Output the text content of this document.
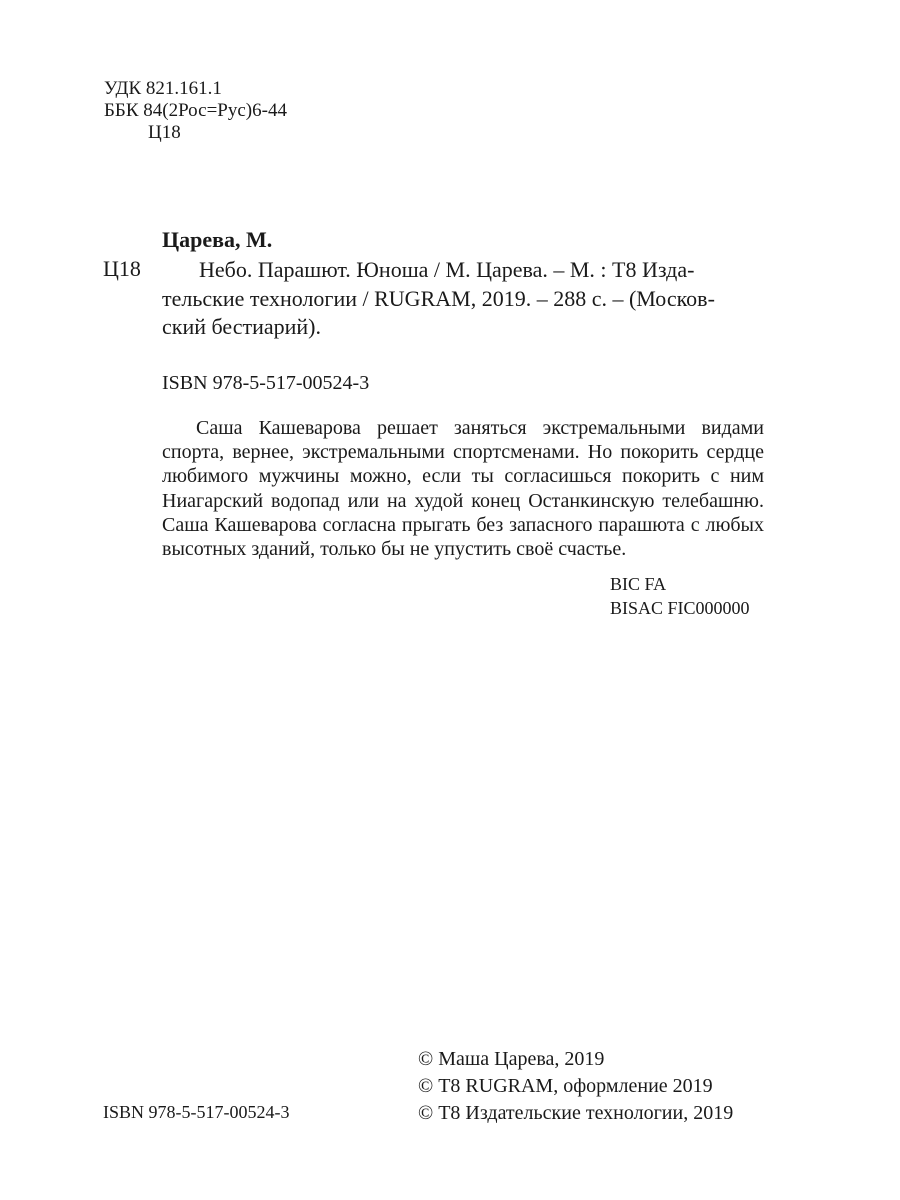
УДК 821.161.1
ББК 84(2Рос=Рус)6-44
Ц18
Царева, М.
Ц18	Небо. Парашют. Юноша / М. Царева. – М. : Т8 Изда-
тельские технологии / RUGRAM, 2019. – 288 с. – (Москов-
ский бестиарий).
ISBN 978-5-517-00524-3
Саша Кашеварова решает заняться экстремальными видами спорта, вернее, экстремальными спортсменами. Но покорить сердце любимого мужчины можно, если ты согласишься покорить с ним Ниагарский водопад или на худой конец Останкинскую телебашню. Саша Кашеварова согласна прыгать без запасного парашюта с любых высотных зданий, только бы не упустить своё счастье.
BIC FA
BISAC FIC000000
© Маша Царева, 2019
© Т8 RUGRAM, оформление 2019
© Т8 Издательские технологии, 2019
ISBN 978-5-517-00524-3
